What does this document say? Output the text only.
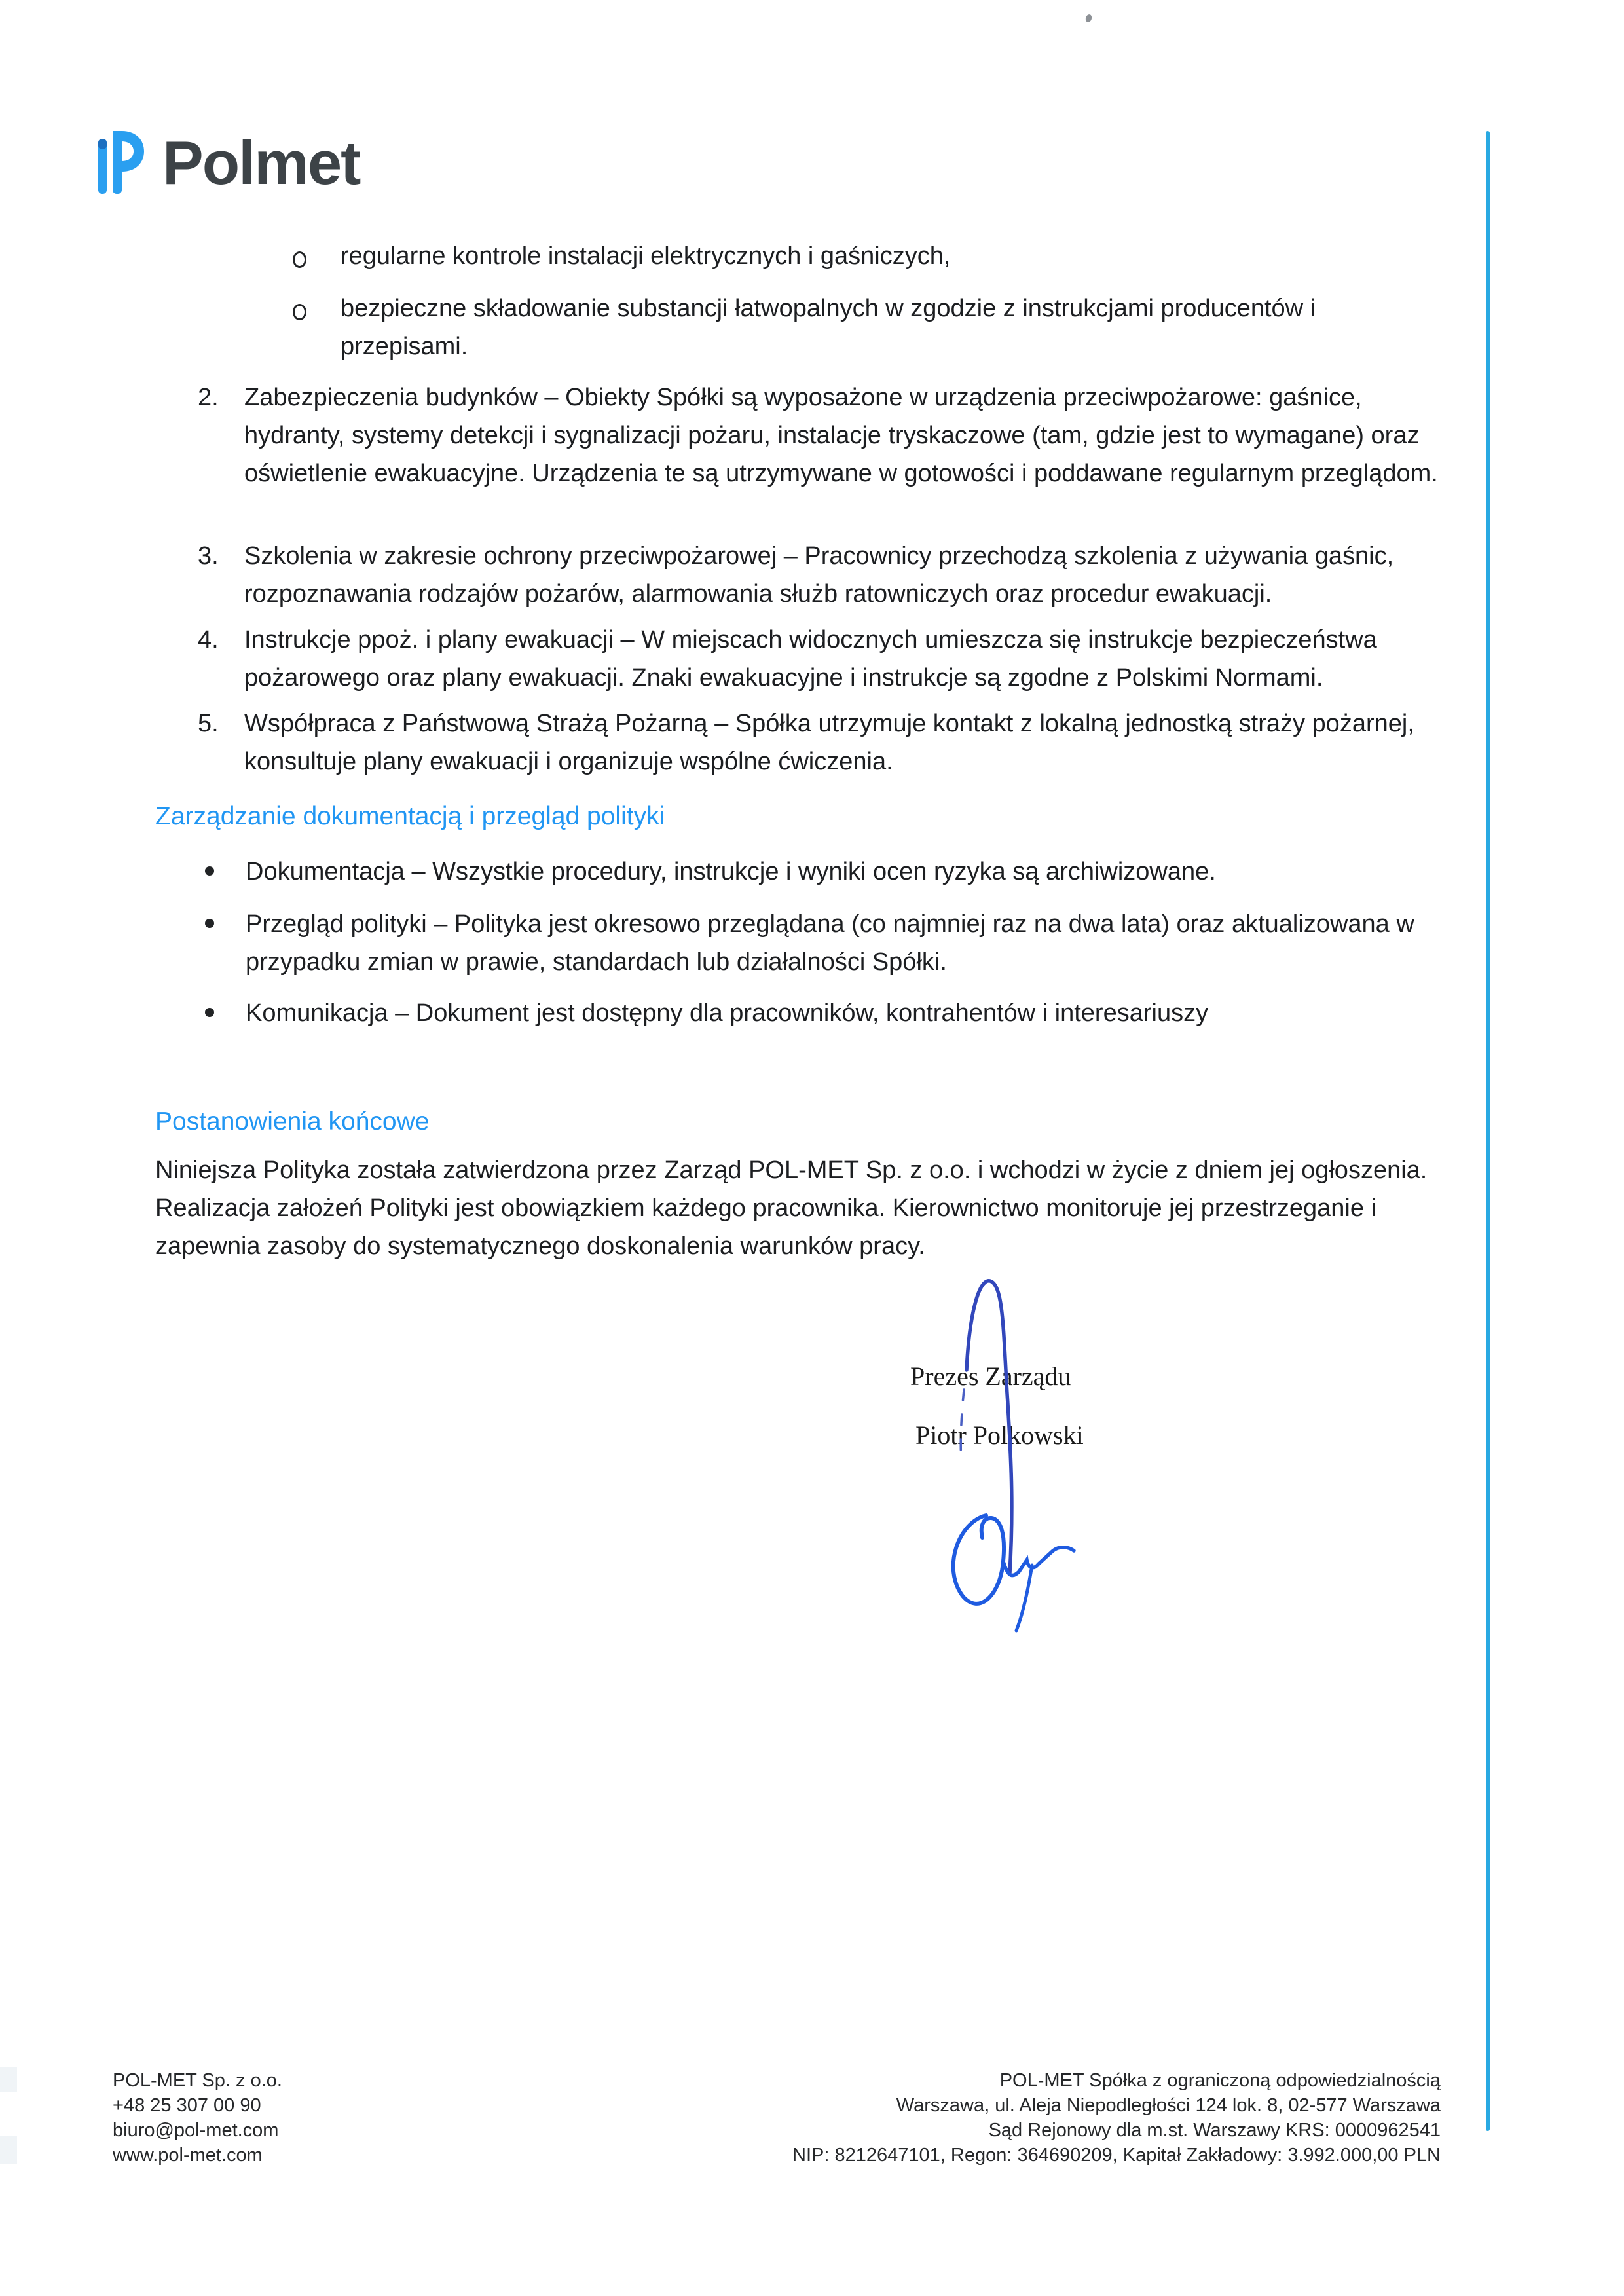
Polmet
regularne kontrole instalacji elektrycznych i gaśniczych,
bezpieczne składowanie substancji łatwopalnych w zgodzie z instrukcjami producentów i przepisami.
2. Zabezpieczenia budynków – Obiekty Spółki są wyposażone w urządzenia przeciwpożarowe: gaśnice, hydranty, systemy detekcji i sygnalizacji pożaru, instalacje tryskaczowe (tam, gdzie jest to wymagane) oraz oświetlenie ewakuacyjne. Urządzenia te są utrzymywane w gotowości i poddawane regularnym przeglądom.
3. Szkolenia w zakresie ochrony przeciwpożarowej – Pracownicy przechodzą szkolenia z używania gaśnic, rozpoznawania rodzajów pożarów, alarmowania służb ratowniczych oraz procedur ewakuacji.
4. Instrukcje ppoż. i plany ewakuacji – W miejscach widocznych umieszcza się instrukcje bezpieczeństwa pożarowego oraz plany ewakuacji. Znaki ewakuacyjne i instrukcje są zgodne z Polskimi Normami.
5. Współpraca z Państwową Strażą Pożarną – Spółka utrzymuje kontakt z lokalną jednostką straży pożarnej, konsultuje plany ewakuacji i organizuje wspólne ćwiczenia.
Zarządzanie dokumentacją i przegląd polityki
Dokumentacja – Wszystkie procedury, instrukcje i wyniki ocen ryzyka są archiwizowane.
Przegląd polityki – Polityka jest okresowo przeglądana (co najmniej raz na dwa lata) oraz aktualizowana w przypadku zmian w prawie, standardach lub działalności Spółki.
Komunikacja – Dokument jest dostępny dla pracowników, kontrahentów i interesariuszy
Postanowienia końcowe
Niniejsza Polityka została zatwierdzona przez Zarząd POL-MET Sp. z o.o. i wchodzi w życie z dniem jej ogłoszenia. Realizacja założeń Polityki jest obowiązkiem każdego pracownika. Kierownictwo monitoruje jej przestrzeganie i zapewnia zasoby do systematycznego doskonalenia warunków pracy.
Prezes Zarządu
Piotr Polkowski
POL-MET Sp. z o.o.
+48 25 307 00 90
biuro@pol-met.com
www.pol-met.com
POL-MET Spółka z ograniczoną odpowiedzialnością
Warszawa, ul. Aleja Niepodległości 124 lok. 8, 02-577 Warszawa
Sąd Rejonowy dla m.st. Warszawy KRS: 0000962541
NIP: 8212647101, Regon: 364690209, Kapitał Zakładowy: 3.992.000,00 PLN
